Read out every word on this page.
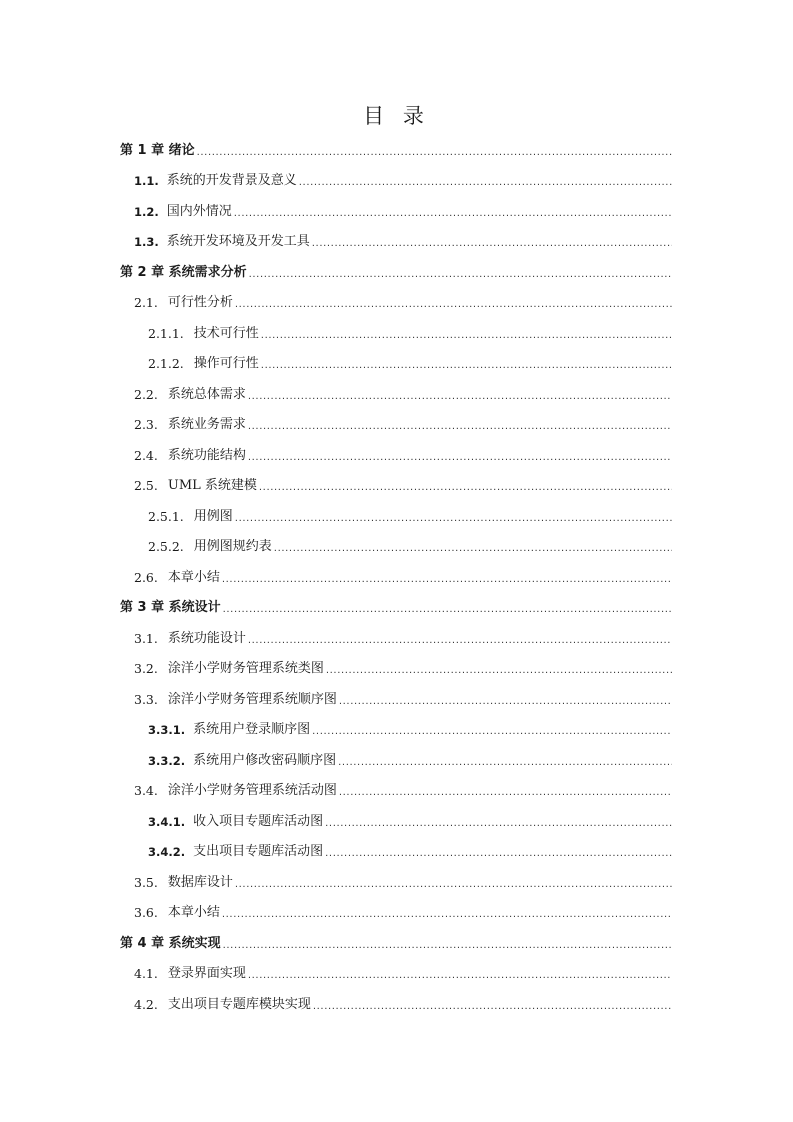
目 录
第 1 章 绪论
.....
1.1. 系统的开发背景及意义
.....
1.2. 国内外情况
.....
1.3. 系统开发环境及开发工具
.....
第 2 章 系统需求分析
.....
2.1. 可行性分析
.....
2.1.1. 技术可行性
.....
2.1.2. 操作可行性
.....
2.2. 系统总体需求
.....
2.3. 系统业务需求
.....
2.4. 系统功能结构
.....
2.5. UML 系统建模
.....
2.5.1. 用例图
.....
2.5.2. 用例图规约表
.....
2.6. 本章小结
.....
第 3 章 系统设计
.....
3.1. 系统功能设计
.....
3.2. 涂洋小学财务管理系统类图
.....
3.3. 涂洋小学财务管理系统顺序图
.....
3.3.1. 系统用户登录顺序图
.....
3.3.2. 系统用户修改密码顺序图
.....
3.4. 涂洋小学财务管理系统活动图
.....
3.4.1. 收入项目专题库活动图
.....
3.4.2. 支出项目专题库活动图
.....
3.5. 数据库设计
.....
3.6. 本章小结
.....
第 4 章 系统实现
.....
4.1. 登录界面实现
.....
4.2. 支出项目专题库模块实现
.....
